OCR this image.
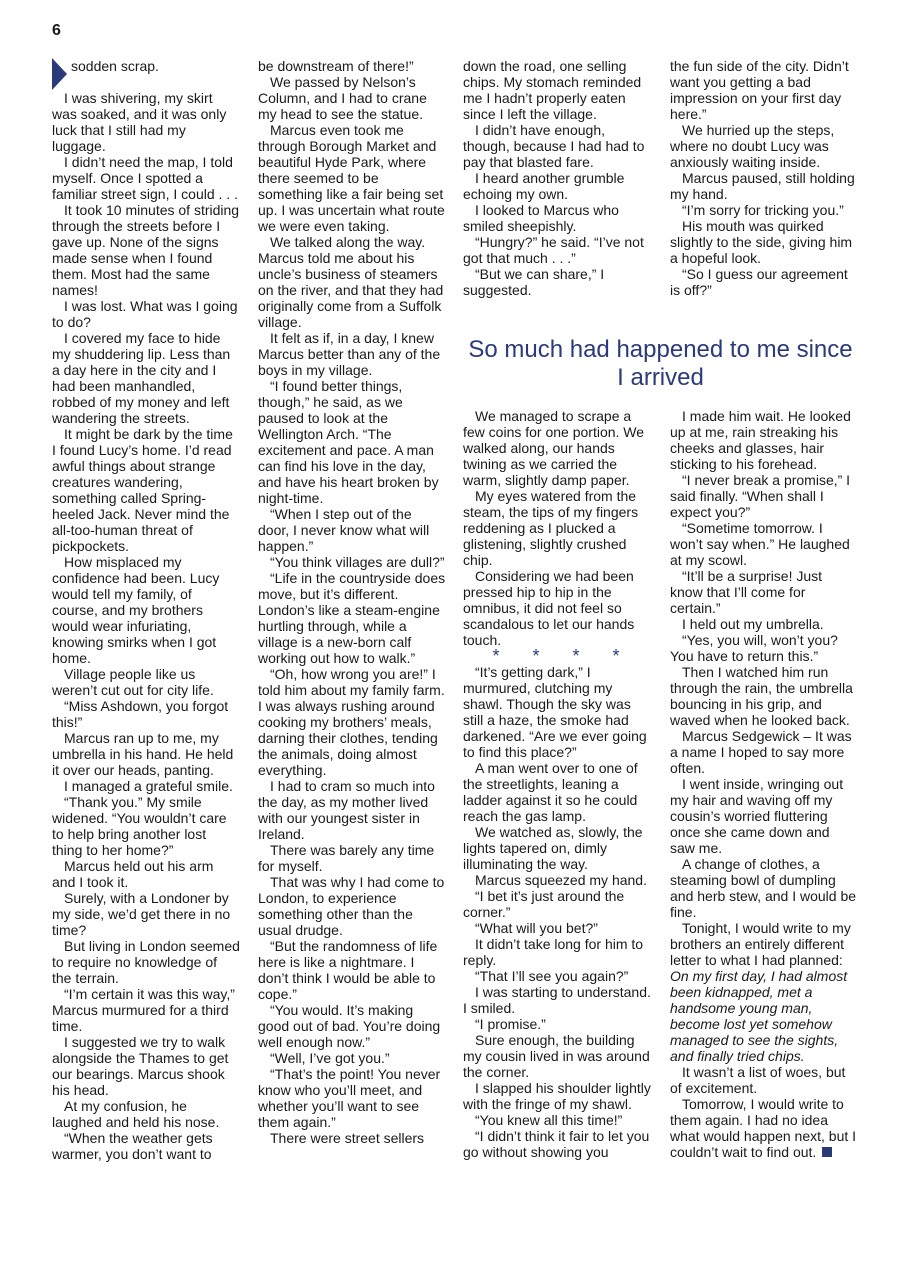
6

sodden scrap.

I was shivering, my skirt was soaked, and it was only luck that I still had my luggage.

I didn’t need the map, I told myself. Once I spotted a familiar street sign, I could . . .

It took 10 minutes of striding through the streets before I gave up. None of the signs made sense when I found them. Most had the same names!

I was lost. What was I going to do?

I covered my face to hide my shuddering lip. Less than a day here in the city and I had been manhandled, robbed of my money and left wandering the streets.

It might be dark by the time I found Lucy’s home. I’d read awful things about strange creatures wandering, something called Spring-heeled Jack. Never mind the all-too-human threat of pickpockets.

How misplaced my confidence had been. Lucy would tell my family, of course, and my brothers would wear infuriating, knowing smirks when I got home.

Village people like us weren’t cut out for city life.

“Miss Ashdown, you forgot this!”

Marcus ran up to me, my umbrella in his hand. He held it over our heads, panting.

I managed a grateful smile.

“Thank you.” My smile widened. “You wouldn’t care to help bring another lost thing to her home?”

Marcus held out his arm and I took it.

Surely, with a Londoner by my side, we’d get there in no time?

But living in London seemed to require no knowledge of the terrain.

“I’m certain it was this way,” Marcus murmured for a third time.

I suggested we try to walk alongside the Thames to get our bearings. Marcus shook his head.

At my confusion, he laughed and held his nose.

“When the weather gets warmer, you don’t want to

be downstream of there!”

We passed by Nelson’s Column, and I had to crane my head to see the statue.

Marcus even took me through Borough Market and beautiful Hyde Park, where there seemed to be something like a fair being set up. I was uncertain what route we were even taking.

We talked along the way. Marcus told me about his uncle’s business of steamers on the river, and that they had originally come from a Suffolk village.

It felt as if, in a day, I knew Marcus better than any of the boys in my village.

“I found better things, though,” he said, as we paused to look at the Wellington Arch. “The excitement and pace. A man can find his love in the day, and have his heart broken by night-time.

“When I step out of the door, I never know what will happen.”

“You think villages are dull?”

“Life in the countryside does move, but it’s different. London’s like a steam-engine hurtling through, while a village is a new-born calf working out how to walk.”

“Oh, how wrong you are!” I told him about my family farm. I was always rushing around cooking my brothers’ meals, darning their clothes, tending the animals, doing almost everything.

I had to cram so much into the day, as my mother lived with our youngest sister in Ireland.

There was barely any time for myself.

That was why I had come to London, to experience something other than the usual drudge.

“But the randomness of life here is like a nightmare. I don’t think I would be able to cope.”

“You would. It’s making good out of bad. You’re doing well enough now.”

“Well, I’ve got you.”

“That’s the point! You never know who you’ll meet, and whether you’ll want to see them again.”

There were street sellers

down the road, one selling chips. My stomach reminded me I hadn’t properly eaten since I left the village.

I didn’t have enough, though, because I had had to pay that blasted fare.

I heard another grumble echoing my own.

I looked to Marcus who smiled sheepishly.

“Hungry?” he said. “I’ve not got that much . . .”

“But we can share,” I suggested.

the fun side of the city. Didn’t want you getting a bad impression on your first day here.”

We hurried up the steps, where no doubt Lucy was anxiously waiting inside.

Marcus paused, still holding my hand.

“I’m sorry for tricking you.”

His mouth was quirked slightly to the side, giving him a hopeful look.

“So I guess our agreement is off?”

So much had happened to me since I arrived

We managed to scrape a few coins for one portion. We walked along, our hands twining as we carried the warm, slightly damp paper.

My eyes watered from the steam, the tips of my fingers reddening as I plucked a glistening, slightly crushed chip.

Considering we had been pressed hip to hip in the omnibus, it did not feel so scandalous to let our hands touch.

* * * *

“It’s getting dark,” I murmured, clutching my shawl. Though the sky was still a haze, the smoke had darkened. “Are we ever going to find this place?”

A man went over to one of the streetlights, leaning a ladder against it so he could reach the gas lamp.

We watched as, slowly, the lights tapered on, dimly illuminating the way.

Marcus squeezed my hand.

“I bet it’s just around the corner.”

“What will you bet?”

It didn’t take long for him to reply.

“That I’ll see you again?”

I was starting to understand. I smiled.

“I promise.”

Sure enough, the building my cousin lived in was around the corner.

I slapped his shoulder lightly with the fringe of my shawl.

“You knew all this time!”

“I didn’t think it fair to let you go without showing you

I made him wait. He looked up at me, rain streaking his cheeks and glasses, hair sticking to his forehead.

“I never break a promise,” I said finally. “When shall I expect you?”

“Sometime tomorrow. I won’t say when.” He laughed at my scowl.

“It’ll be a surprise! Just know that I’ll come for certain.”

I held out my umbrella.

“Yes, you will, won’t you? You have to return this.”

Then I watched him run through the rain, the umbrella bouncing in his grip, and waved when he looked back.

Marcus Sedgewick – It was a name I hoped to say more often.

I went inside, wringing out my hair and waving off my cousin’s worried fluttering once she came down and saw me.

A change of clothes, a steaming bowl of dumpling and herb stew, and I would be fine.

Tonight, I would write to my brothers an entirely different letter to what I had planned: On my first day, I had almost been kidnapped, met a handsome young man, become lost yet somehow managed to see the sights, and finally tried chips.

It wasn’t a list of woes, but of excitement.

Tomorrow, I would write to them again. I had no idea what would happen next, but I couldn’t wait to find out.
